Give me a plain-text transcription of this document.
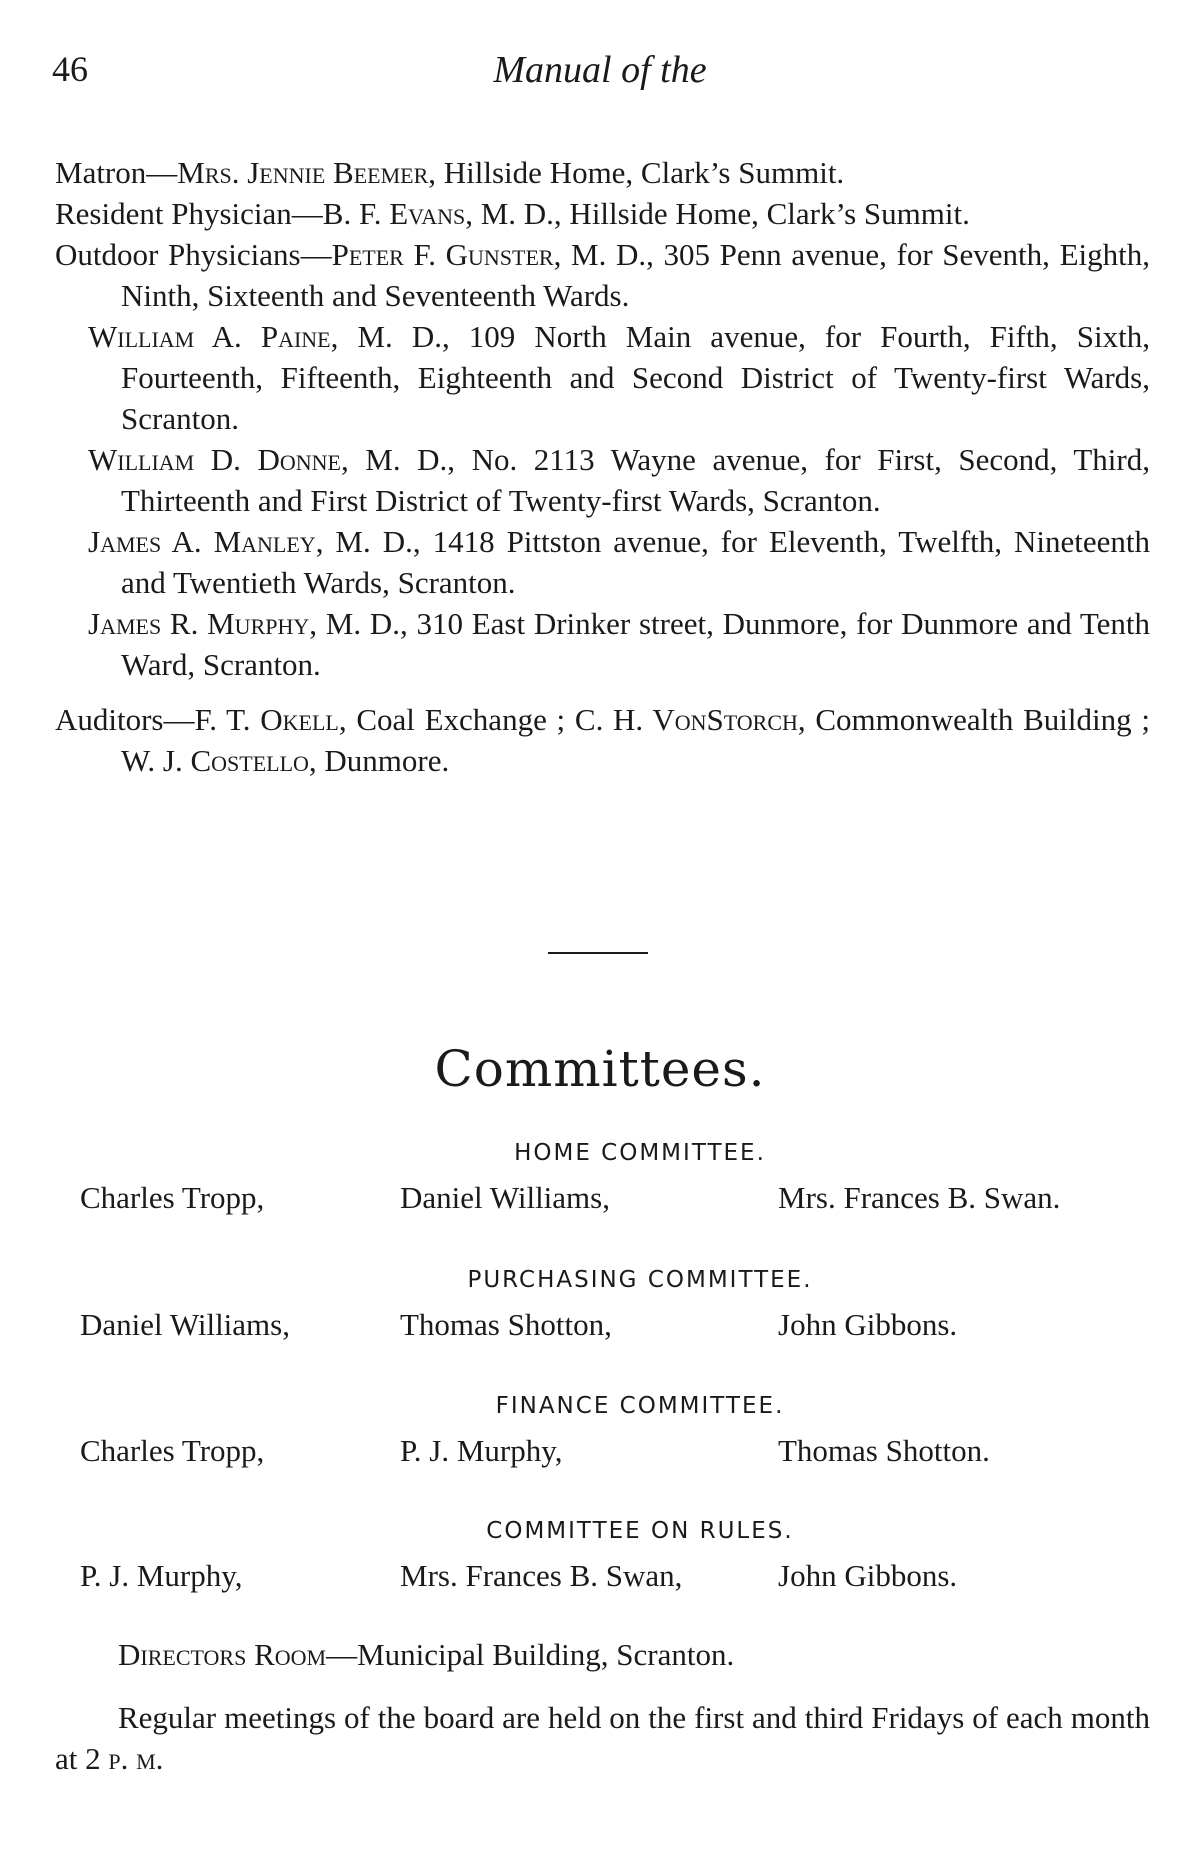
46	Manual of the

Matron—Mrs. Jennie Beemer, Hillside Home, Clark’s Summit.

Resident Physician—B. F. Evans, M. D., Hillside Home, Clark’s Summit.

Outdoor Physicians—Peter F. Gunster, M. D., 305 Penn avenue, for Seventh, Eighth, Ninth, Sixteenth and Seventeenth Wards.

William A. Paine, M. D., 109 North Main avenue, for Fourth, Fifth, Sixth, Fourteenth, Fifteenth, Eighteenth and Second District of Twenty-first Wards, Scranton.

William D. Donne, M. D., No. 2113 Wayne avenue, for First, Second, Third, Thirteenth and First District of Twenty-first Wards, Scranton.

James A. Manley, M. D., 1418 Pittston avenue, for Eleventh, Twelfth, Nineteenth and Twentieth Wards, Scranton.

James R. Murphy, M. D., 310 East Drinker street, Dunmore, for Dunmore and Tenth Ward, Scranton.

Auditors—F. T. Okell, Coal Exchange ; C. H. VonStorch, Commonwealth Building ; W. J. Costello, Dunmore.

Committees.
HOME COMMITTEE.
Charles Tropp,	Daniel Williams,	Mrs. Frances B. Swan.
PURCHASING COMMITTEE.
Daniel Williams,	Thomas Shotton,	John Gibbons.
FINANCE COMMITTEE.
Charles Tropp,	P. J. Murphy,	Thomas Shotton.
COMMITTEE ON RULES.
P. J. Murphy,	Mrs. Frances B. Swan,	John Gibbons.
Directors Room—Municipal Building, Scranton.

Regular meetings of the board are held on the first and third Fridays of each month at 2 p. m.
